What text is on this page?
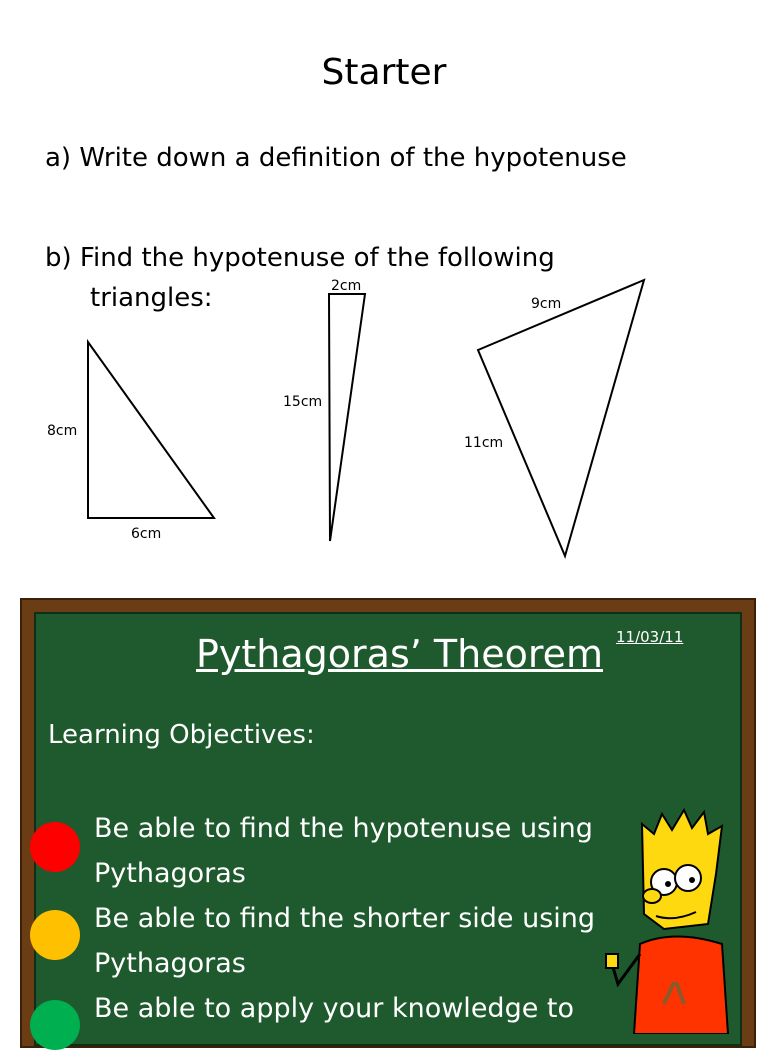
Starter
a) Write down a definition of the hypotenuse
b) Find the hypotenuse of the following
triangles:
8cm
6cm
2cm
15cm
9cm
11cm
Pythagoras’ Theorem 11/03/11
Learning Objectives:
Be able to find the hypotenuse using
Pythagoras
Be able to find the shorter side using
Pythagoras
Be able to apply your knowledge to
